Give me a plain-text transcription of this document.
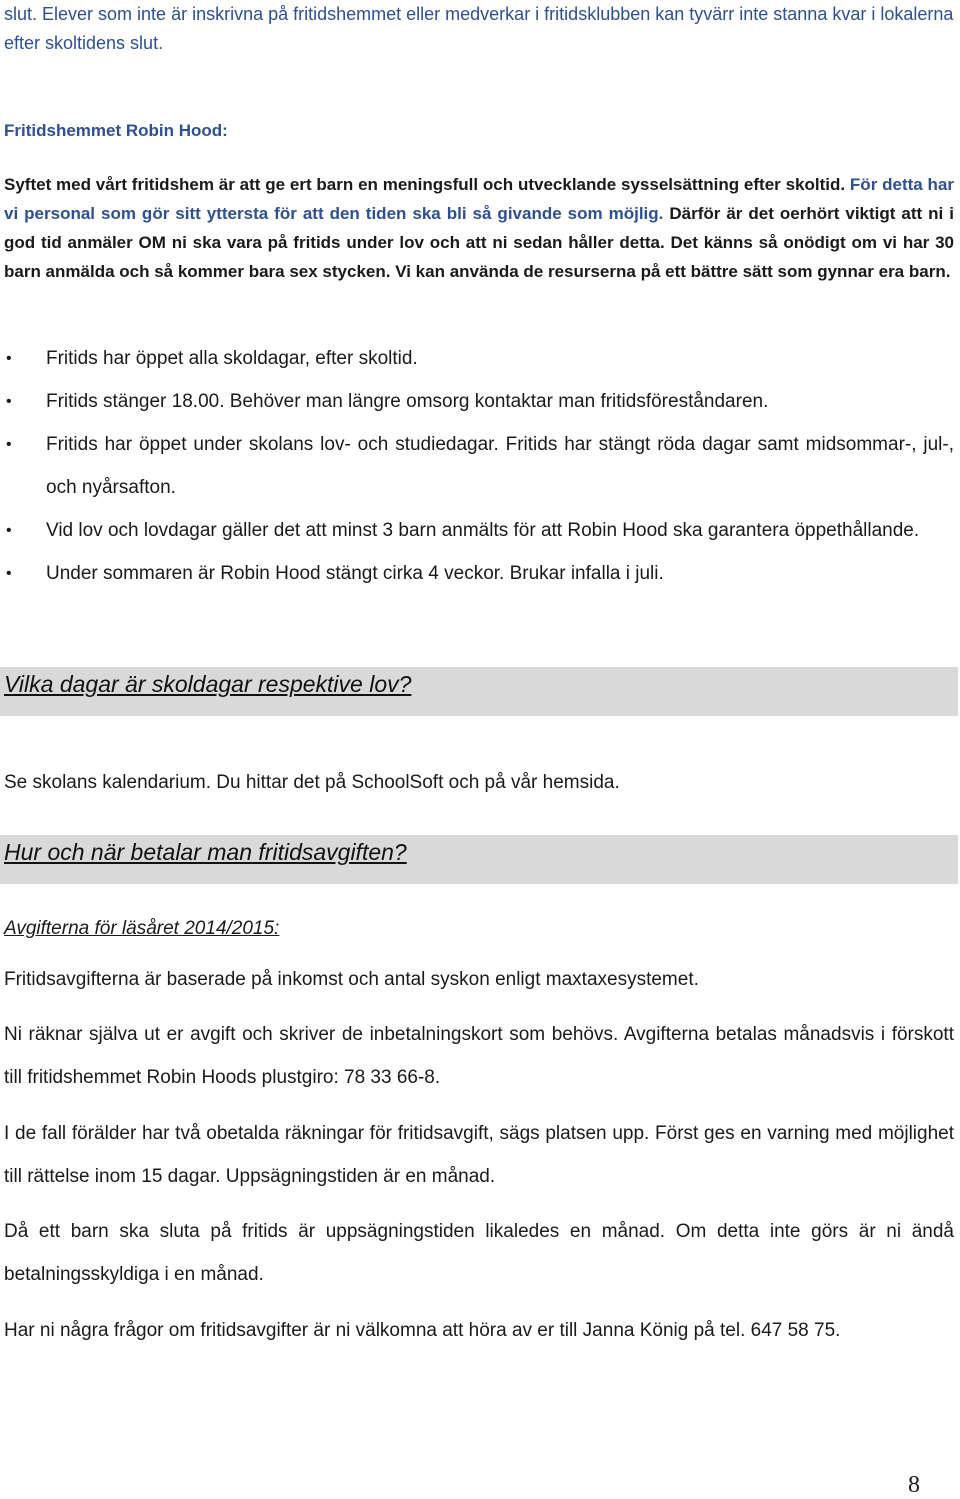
slut. Elever som inte är inskrivna på fritidshemmet eller medverkar i fritidsklubben kan tyvärr inte stanna kvar i lokalerna efter skoltidens slut.

Fritidshemmet Robin Hood:
Syftet med vårt fritidshem är att ge ert barn en meningsfull och utvecklande sysselsättning efter skoltid. För detta har vi personal som gör sitt yttersta för att den tiden ska bli så givande som möjlig. Därför är det oerhört viktigt att ni i god tid anmäler OM ni ska vara på fritids under lov och att ni sedan håller detta. Det känns så onödigt om vi har 30 barn anmälda och så kommer bara sex stycken. Vi kan använda de resurserna på ett bättre sätt som gynnar era barn.
• Fritids har öppet alla skoldagar, efter skoltid.
• Fritids stänger 18.00. Behöver man längre omsorg kontaktar man fritidsföreståndaren.
• Fritids har öppet under skolans lov- och studiedagar. Fritids har stängt röda dagar samt midsommar-, jul-, och nyårsafton.
• Vid lov och lovdagar gäller det att minst 3 barn anmälts för att Robin Hood ska garantera öppethållande.
• Under sommaren är Robin Hood stängt cirka 4 veckor. Brukar infalla i juli.
Vilka dagar är skoldagar respektive lov?

Se skolans kalendarium. Du hittar det på SchoolSoft och på vår hemsida.

Hur och när betalar man fritidsavgiften?

Avgifterna för läsåret 2014/2015:

Fritidsavgifterna är baserade på inkomst och antal syskon enligt maxtaxesystemet.

Ni räknar själva ut er avgift och skriver de inbetalningskort som behövs. Avgifterna betalas månadsvis i förskott till fritidshemmet Robin Hoods plustgiro: 78 33 66-8.

I de fall förälder har två obetalda räkningar för fritidsavgift, sägs platsen upp. Först ges en varning med möjlighet till rättelse inom 15 dagar. Uppsägningstiden är en månad.

Då ett barn ska sluta på fritids är uppsägningstiden likaledes en månad. Om detta inte görs är ni ändå betalningsskyldiga i en månad.

Har ni några frågor om fritidsavgifter är ni välkomna att höra av er till Janna König på tel. 647 58 75.

8
